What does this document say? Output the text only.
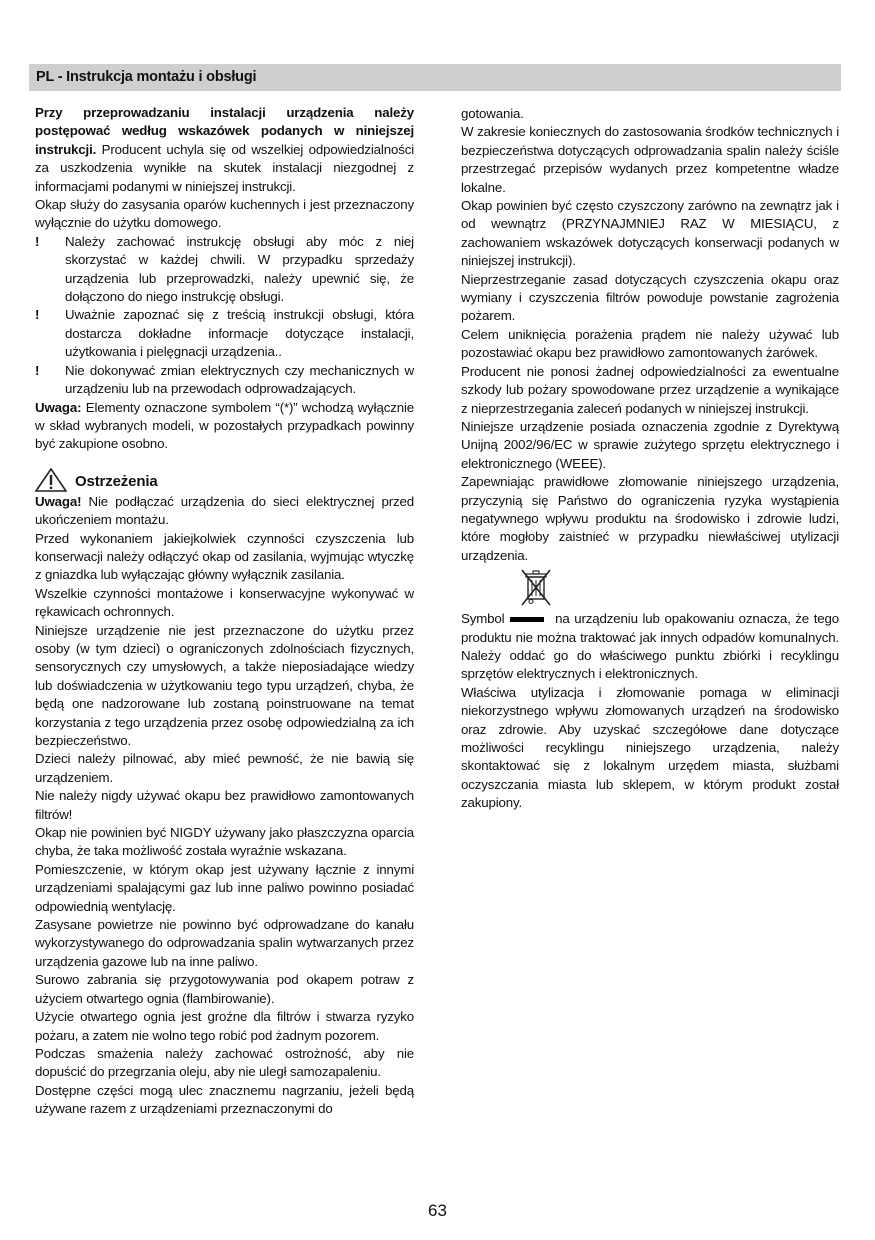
PL - Instrukcja montażu i obsługi

Przy przeprowadzaniu instalacji urządzenia należy postępować według wskazówek podanych w niniejszej instrukcji. Producent uchyla się od wszelkiej odpowiedzialności za uszkodzenia wynikłe na skutek instalacji niezgodnej z informacjami podanymi w niniejszej instrukcji.

Okap służy do zasysania oparów kuchennych i jest przeznaczony wyłącznie do użytku domowego.

!	Należy zachować instrukcję obsługi aby móc z niej skorzystać w każdej chwili. W przypadku sprzedaży urządzenia lub przeprowadzki, należy upewnić się, że dołączono do niego instrukcję obsługi.
!	Uważnie zapoznać się z treścią instrukcji obsługi, która dostarcza dokładne informacje dotyczące instalacji, użytkowania i pielęgnacji urządzenia..
!	Nie dokonywać zmian elektrycznych czy mechanicznych w urządzeniu lub na przewodach odprowadzających.

Uwaga: Elementy oznaczone symbolem “(*)” wchodzą wyłącznie w skład wybranych modeli, w pozostałych przypadkach powinny być zakupione osobno.

Ostrzeżenia

Uwaga! Nie podłączać urządzenia do sieci elektrycznej przed ukończeniem montażu.

Przed wykonaniem jakiejkolwiek czynności czyszczenia lub konserwacji należy odłączyć okap od zasilania, wyjmując wtyczkę z gniazdka lub wyłączając główny wyłącznik zasilania.

Wszelkie czynności montażowe i konserwacyjne wykonywać w rękawicach ochronnych.

Niniejsze urządzenie nie jest przeznaczone do użytku przez osoby (w tym dzieci) o ograniczonych zdolnościach fizycznych, sensorycznych czy umysłowych, a także nieposiadające wiedzy lub doświadczenia w użytkowaniu tego typu urządzeń, chyba, że będą one nadzorowane lub zostaną poinstruowane na temat korzystania z tego urządzenia przez osobę odpowiedzialną za ich bezpieczeństwo.

Dzieci należy pilnować, aby mieć pewność, że nie bawią się urządzeniem.

Nie należy nigdy używać okapu bez prawidłowo zamontowanych filtrów!

Okap nie powinien być NIGDY używany jako płaszczyzna oparcia chyba, że taka możliwość została wyraźnie wskazana.

Pomieszczenie, w którym okap jest używany łącznie z innymi urządzeniami spalającymi gaz lub inne paliwo powinno posiadać odpowiednią wentylację.

Zasysane powietrze nie powinno być odprowadzane do kanału wykorzystywanego do odprowadzania spalin wytwarzanych przez urządzenia gazowe lub na inne paliwo.

Surowo zabrania się przygotowywania pod okapem potraw z użyciem otwartego ognia (flambirowanie).

Użycie otwartego ognia jest groźne dla filtrów i stwarza ryzyko pożaru, a zatem nie wolno tego robić pod żadnym pozorem.

Podczas smażenia należy zachować ostrożność, aby nie dopuścić do przegrzania oleju, aby nie uległ samozapaleniu.

Dostępne części mogą ulec znacznemu nagrzaniu, jeżeli będą używane razem z urządzeniami przeznaczonymi do

gotowania.

W zakresie koniecznych do zastosowania środków technicznych i bezpieczeństwa dotyczących odprowadzania spalin należy ściśle przestrzegać przepisów wydanych przez kompetentne władze lokalne.

Okap powinien być często czyszczony zarówno na zewnątrz jak i od wewnątrz (PRZYNAJMNIEJ RAZ W MIESIĄCU, z zachowaniem wskazówek dotyczących konserwacji podanych w niniejszej instrukcji).

Nieprzestrzeganie zasad dotyczących czyszczenia okapu oraz wymiany i czyszczenia filtrów powoduje powstanie zagrożenia pożarem.

Celem uniknięcia porażenia prądem nie należy używać lub pozostawiać okapu bez prawidłowo zamontowanych żarówek.

Producent nie ponosi żadnej odpowiedzialności za ewentualne szkody lub pożary spowodowane przez urządzenie a wynikające z nieprzestrzegania zaleceń podanych w niniejszej instrukcji.

Niniejsze urządzenie posiada oznaczenia zgodnie z Dyrektywą Unijną 2002/96/EC w sprawie zużytego sprzętu elektrycznego i elektronicznego (WEEE).

Zapewniając prawidłowe złomowanie niniejszego urządzenia, przyczynią się Państwo do ograniczenia ryzyka wystąpienia negatywnego wpływu produktu na środowisko i zdrowie ludzi, które mogłoby zaistnieć w przypadku niewłaściwej utylizacji urządzenia.

Symbol	na urządzeniu lub opakowaniu oznacza, że tego produktu nie można traktować jak innych odpadów komunalnych. Należy oddać go do właściwego punktu zbiórki i recyklingu sprzętów elektrycznych i elektronicznych.

Właściwa utylizacja i złomowanie pomaga w eliminacji niekorzystnego wpływu złomowanych urządzeń na środowisko oraz zdrowie. Aby uzyskać szczegółowe dane dotyczące możliwości recyklingu niniejszego urządzenia, należy skontaktować się z lokalnym urzędem miasta, służbami oczyszczania miasta lub sklepem, w którym produkt został zakupiony.

63
